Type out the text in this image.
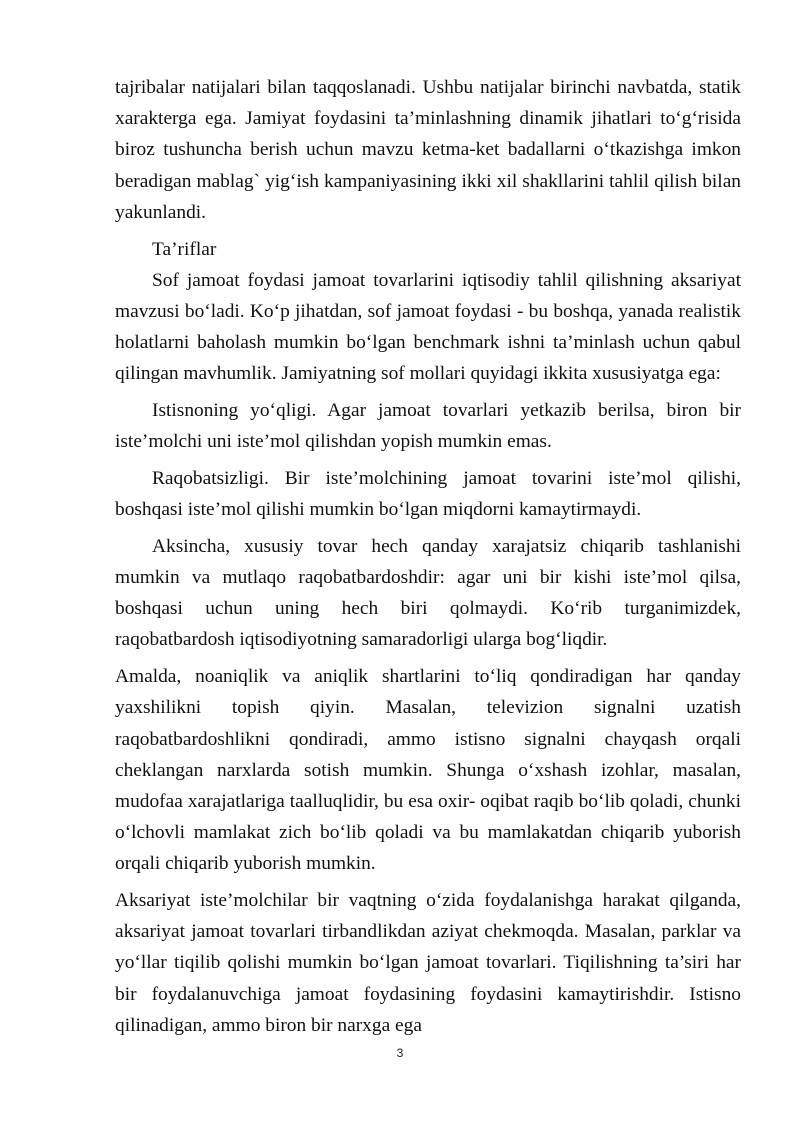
tajribalar natijalari bilan taqqoslanadi. Ushbu natijalar birinchi navbatda, statik xarakterga ega. Jamiyat foydasini ta’minlashning dinamik jihatlari to‘g‘risida biroz tushuncha berish uchun mavzu ketma-ket badallarni o‘tkazishga imkon beradigan mablag` yig‘ish kampaniyasining ikki xil shakllarini tahlil qilish bilan yakunlandi.

Ta’riflar

Sof jamoat foydasi jamoat tovarlarini iqtisodiy tahlil qilishning aksariyat mavzusi bo‘ladi. Ko‘p jihatdan, sof jamoat foydasi - bu boshqa, yanada realistik holatlarni baholash mumkin bo‘lgan benchmark ishni ta’minlash uchun qabul qilingan mavhumlik. Jamiyatning sof mollari quyidagi ikkita xususiyatga ega:

Istisnoning yo‘qligi. Agar jamoat tovarlari yetkazib berilsa, biron bir iste’molchi uni iste’mol qilishdan yopish mumkin emas.

Raqobatsizligi. Bir iste’molchining jamoat tovarini iste’mol qilishi, boshqasi iste’mol qilishi mumkin bo‘lgan miqdorni kamaytirmaydi.

Aksincha, xususiy tovar hech qanday xarajatsiz chiqarib tashlanishi mumkin va mutlaqo raqobatbardoshdir: agar uni bir kishi iste’mol qilsa, boshqasi uchun uning hech biri qolmaydi. Ko‘rib turganimizdek, raqobatbardosh iqtisodiyotning samaradorligi ularga bog‘liqdir.

Amalda, noaniqlik va aniqlik shartlarini to‘liq qondiradigan har qanday yaxshilikni topish qiyin. Masalan, televizion signalni uzatish raqobatbardoshlikni qondiradi, ammo istisno signalni chayqash orqali cheklangan narxlarda sotish mumkin. Shunga o‘xshash izohlar, masalan, mudofaa xarajatlariga taalluqlidir, bu esa oxir- oqibat raqib bo‘lib qoladi, chunki o‘lchovli mamlakat zich bo‘lib qoladi va bu mamlakatdan chiqarib yuborish orqali chiqarib yuborish mumkin.

Aksariyat iste’molchilar bir vaqtning o‘zida foydalanishga harakat qilganda, aksariyat jamoat tovarlari tirbandlikdan aziyat chekmoqda. Masalan, parklar va yo‘llar tiqilib qolishi mumkin bo‘lgan jamoat tovarlari. Tiqilishning ta’siri har bir foydalanuvchiga jamoat foydasining foydasini kamaytirishdir. Istisno qilinadigan, ammo biron bir narxga ega

3
